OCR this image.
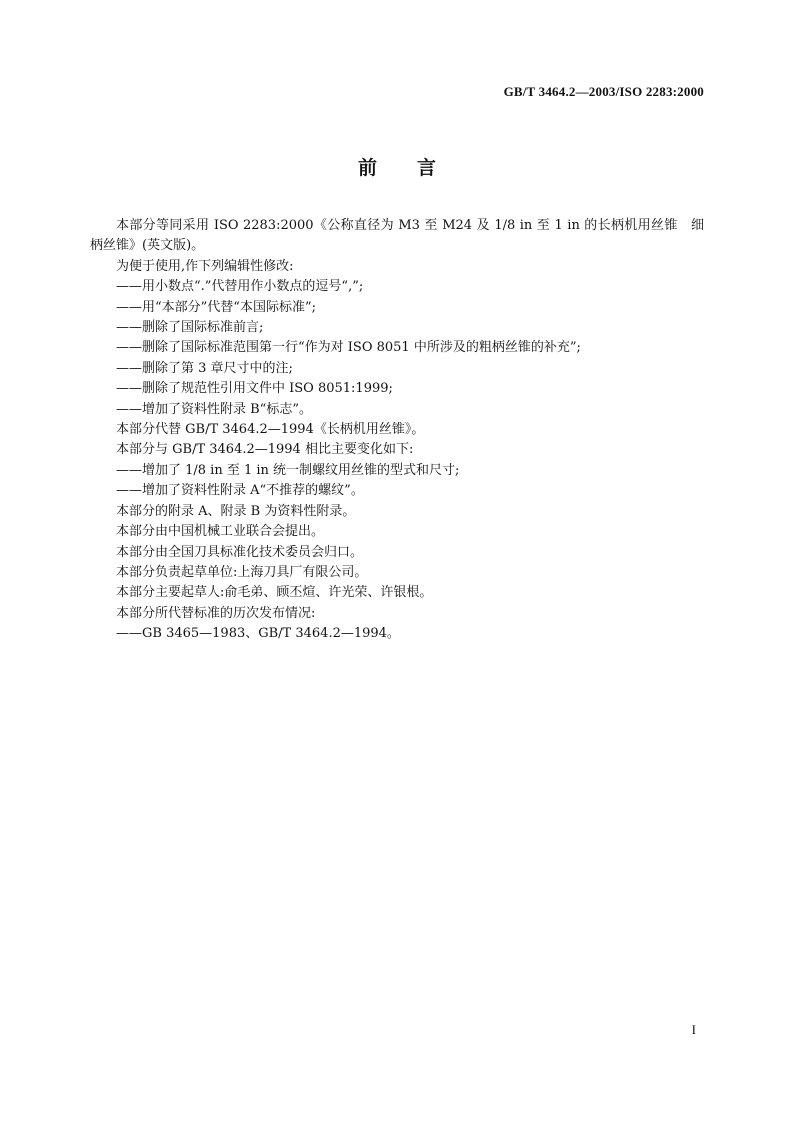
GB/T 3464.2—2003/ISO 2283:2000
前言

本部分等同采用 ISO 2283:2000《公称直径为 M3 至 M24 及 1/8 in 至 1 in 的长柄机用丝锥　细柄丝锥》(英文版)。

为便于使用,作下列编辑性修改:

——用小数点“.”代替用作小数点的逗号“,”;

——用“本部分”代替“本国际标准”;

——删除了国际标准前言;

——删除了国际标准范围第一行“作为对 ISO 8051 中所涉及的粗柄丝锥的补充”;

——删除了第 3 章尺寸中的注;

——删除了规范性引用文件中 ISO 8051:1999;

——增加了资料性附录 B“标志”。

本部分代替 GB/T 3464.2—1994《长柄机用丝锥》。

本部分与 GB/T 3464.2—1994 相比主要变化如下:

——增加了 1/8 in 至 1 in 统一制螺纹用丝锥的型式和尺寸;

——增加了资料性附录 A“不推荐的螺纹”。

本部分的附录 A、附录 B 为资料性附录。

本部分由中国机械工业联合会提出。

本部分由全国刀具标准化技术委员会归口。

本部分负责起草单位:上海刀具厂有限公司。

本部分主要起草人:俞毛弟、顾丕煊、许光荣、许银根。

本部分所代替标准的历次发布情况:

——GB 3465—1983、GB/T 3464.2—1994。

I
